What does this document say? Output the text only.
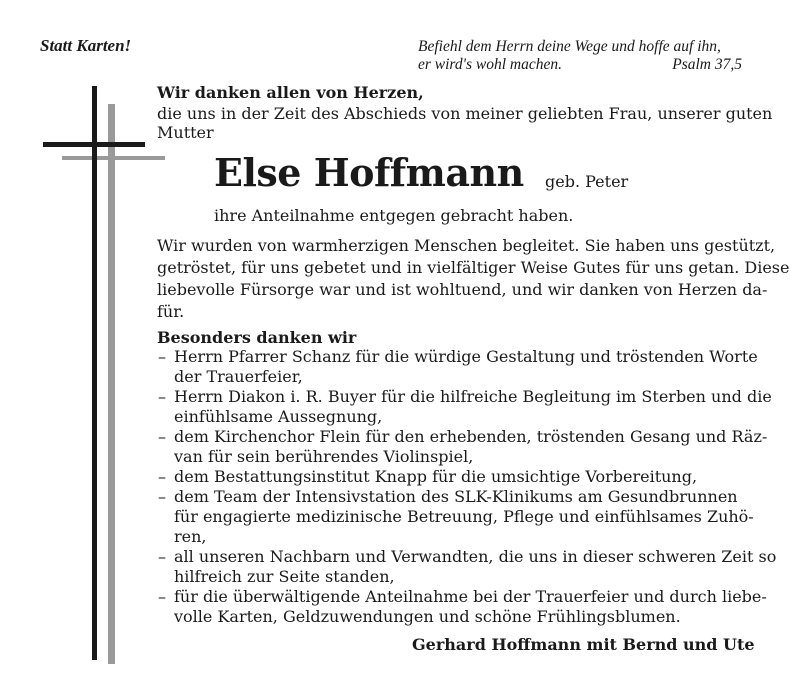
Statt Karten!	Befiehl dem Herrn deine Wege und hoffe auf ihn,
er wird's wohl machen.	Psalm 37,5
Wir danken allen von Herzen,
die uns in der Zeit des Abschieds von meiner geliebten Frau, unserer guten
Mutter
Else Hoffmann geb. Peter
ihre Anteilnahme entgegen gebracht haben.
Wir wurden von warmherzigen Menschen begleitet. Sie haben uns gestützt,
getröstet, für uns gebetet und in vielfältiger Weise Gutes für uns getan. Diese
liebevolle Fürsorge war und ist wohltuend, und wir danken von Herzen da-
für.
Besonders danken wir
– Herrn Pfarrer Schanz für die würdige Gestaltung und tröstenden Worte
der Trauerfeier,
– Herrn Diakon i. R. Buyer für die hilfreiche Begleitung im Sterben und die
einfühlsame Aussegnung,
– dem Kirchenchor Flein für den erhebenden, tröstenden Gesang und Räz-
van für sein berührendes Violinspiel,
– dem Bestattungsinstitut Knapp für die umsichtige Vorbereitung,
– dem Team der Intensivstation des SLK-Klinikums am Gesundbrunnen
für engagierte medizinische Betreuung, Pflege und einfühlsames Zuhö-
ren,
– all unseren Nachbarn und Verwandten, die uns in dieser schweren Zeit so
hilfreich zur Seite standen,
– für die überwältigende Anteilnahme bei der Trauerfeier und durch liebe-
volle Karten, Geldzuwendungen und schöne Frühlingsblumen.
Gerhard Hoffmann mit Bernd und Ute
